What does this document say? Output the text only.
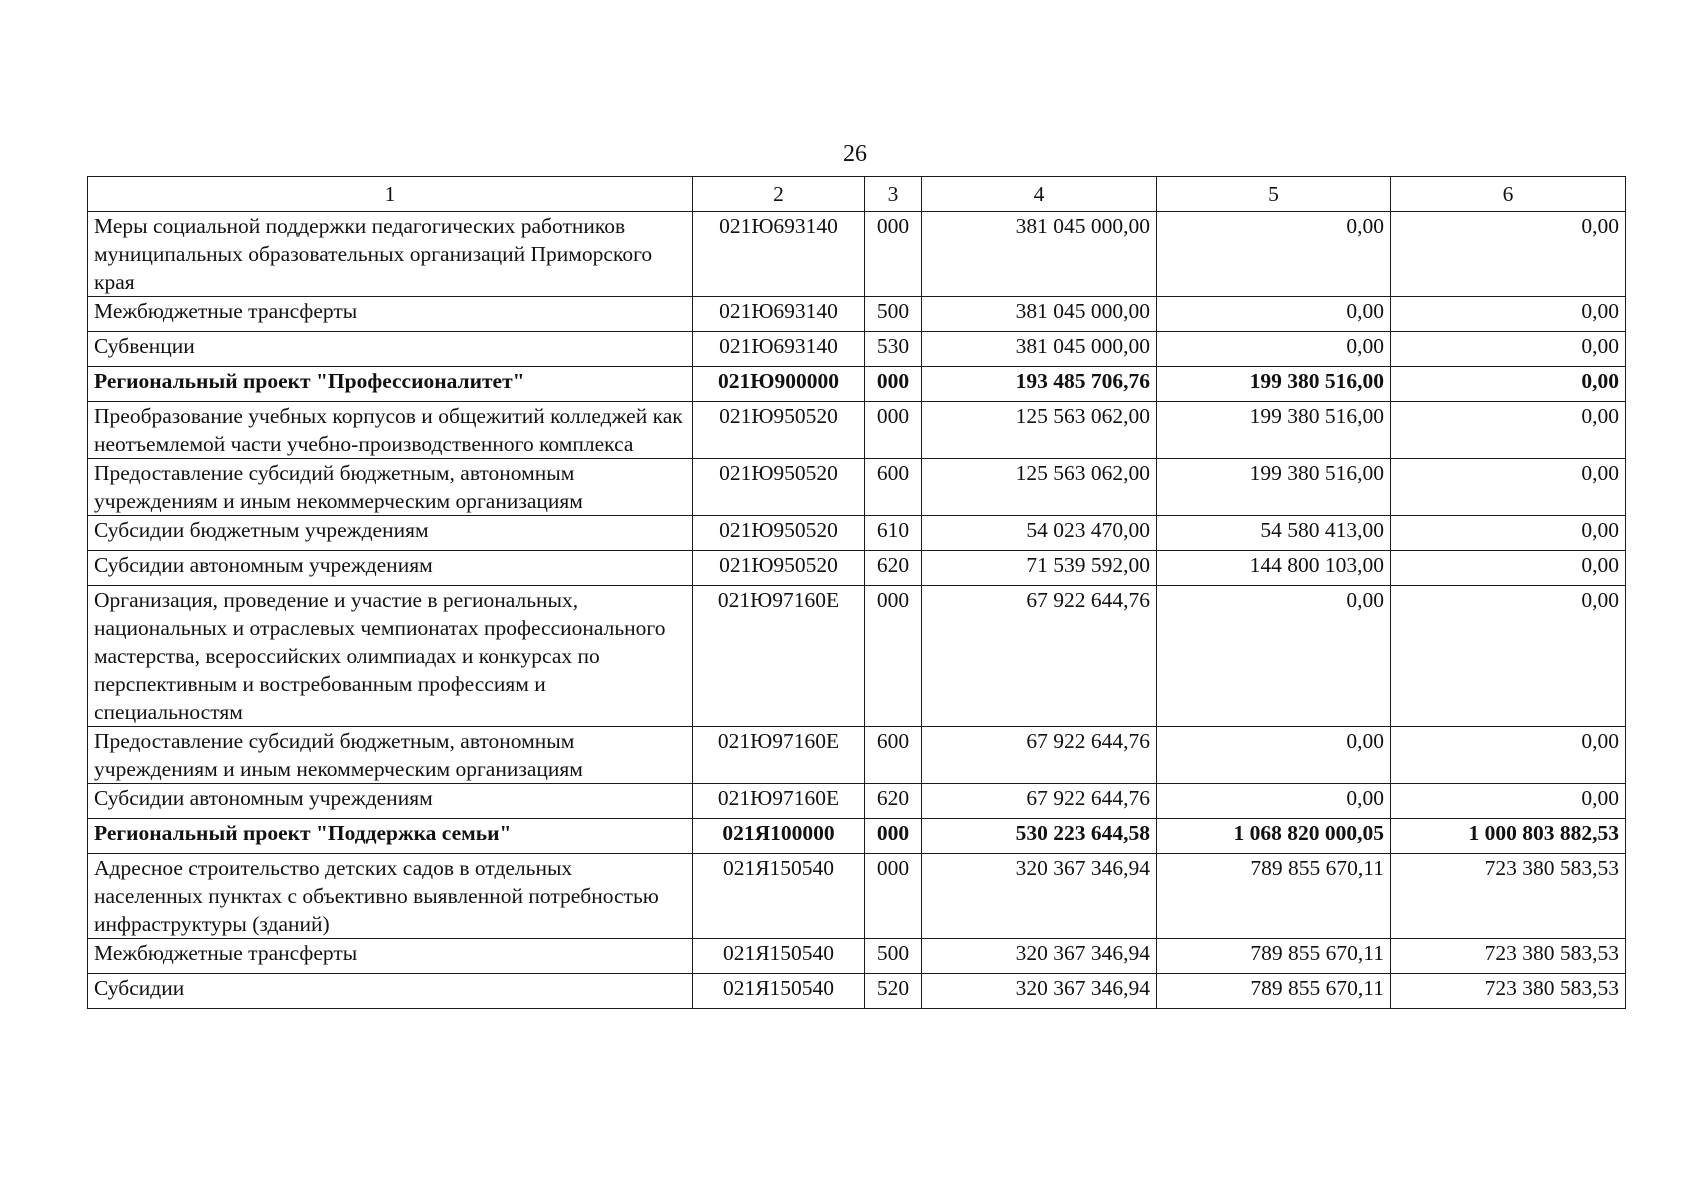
26
1	2	3	4	5	6
Меры социальной поддержки педагогических работников муниципальных образовательных организаций Приморского края	021Ю693140	000	381 045 000,00	0,00	0,00
Межбюджетные трансферты	021Ю693140	500	381 045 000,00	0,00	0,00
Субвенции	021Ю693140	530	381 045 000,00	0,00	0,00
Региональный проект "Профессионалитет"	021Ю900000	000	193 485 706,76	199 380 516,00	0,00
Преобразование учебных корпусов и общежитий колледжей как неотъемлемой части учебно-производственного комплекса	021Ю950520	000	125 563 062,00	199 380 516,00	0,00
Предоставление субсидий бюджетным, автономным учреждениям и иным некоммерческим организациям	021Ю950520	600	125 563 062,00	199 380 516,00	0,00
Субсидии бюджетным учреждениям	021Ю950520	610	54 023 470,00	54 580 413,00	0,00
Субсидии автономным учреждениям	021Ю950520	620	71 539 592,00	144 800 103,00	0,00
Организация, проведение и участие в региональных, национальных и отраслевых чемпионатах профессионального мастерства, всероссийских олимпиадах и конкурсах по перспективным и востребованным профессиям и специальностям	021Ю97160Е	000	67 922 644,76	0,00	0,00
Предоставление субсидий бюджетным, автономным учреждениям и иным некоммерческим организациям	021Ю97160Е	600	67 922 644,76	0,00	0,00
Субсидии автономным учреждениям	021Ю97160Е	620	67 922 644,76	0,00	0,00
Региональный проект "Поддержка семьи"	021Я100000	000	530 223 644,58	1 068 820 000,05	1 000 803 882,53
Адресное строительство детских садов в отдельных населенных пунктах с объективно выявленной потребностью инфраструктуры (зданий)	021Я150540	000	320 367 346,94	789 855 670,11	723 380 583,53
Межбюджетные трансферты	021Я150540	500	320 367 346,94	789 855 670,11	723 380 583,53
Субсидии	021Я150540	520	320 367 346,94	789 855 670,11	723 380 583,53
